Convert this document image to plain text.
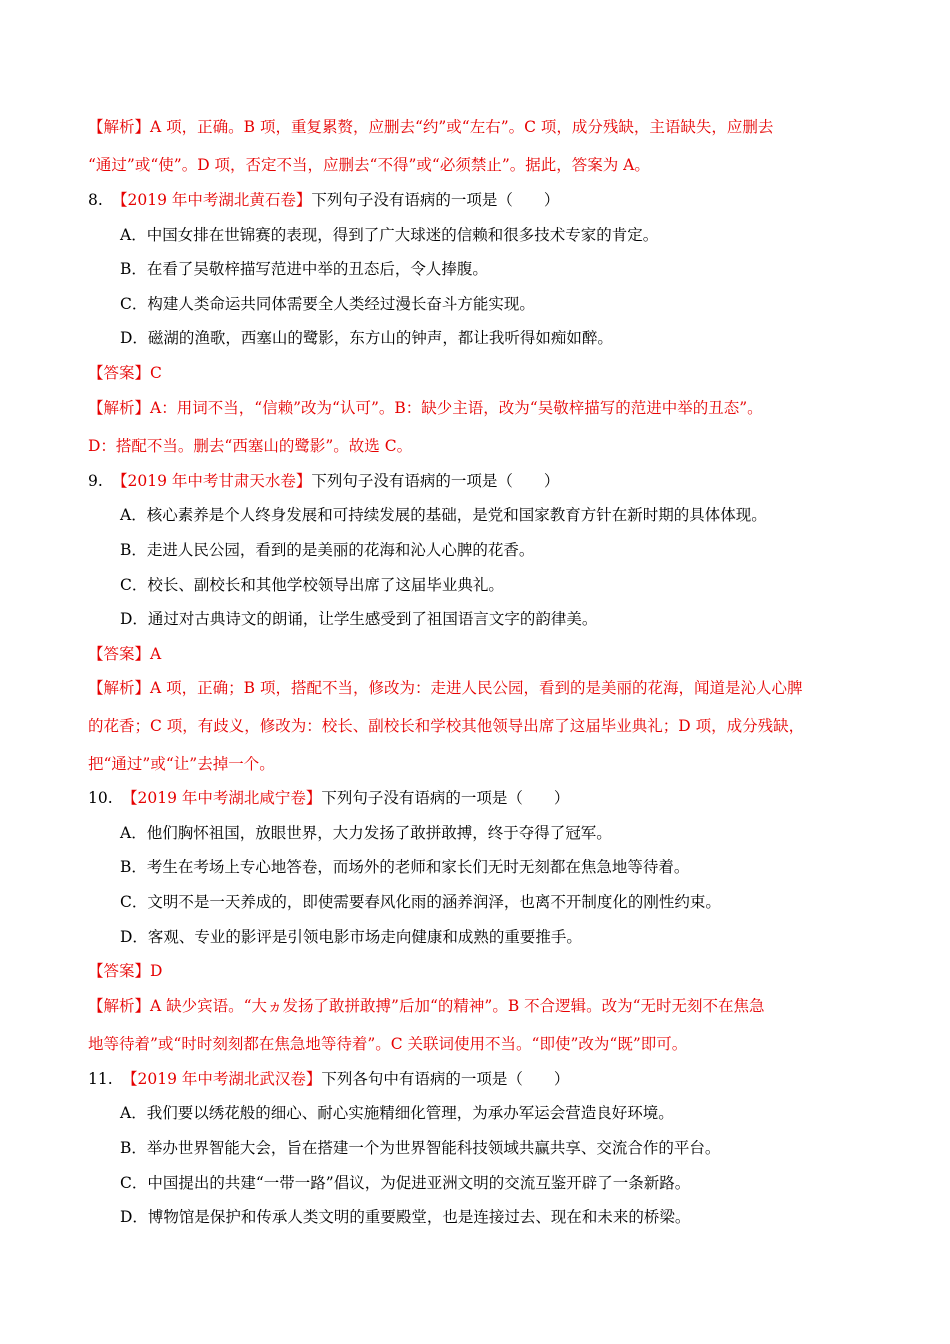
【解析】A 项，正确。B 项，重复累赘，应删去“约”或“左右”。C 项，成分残缺，主语缺失，应删去
“通过”或“使”。D 项，否定不当，应删去“不得”或“必须禁止”。据此，答案为 A。
8. 【2019 年中考湖北黄石卷】下列句子没有语病的一项是（　　）
A．中国女排在世锦赛的表现，得到了广大球迷的信赖和很多技术专家的肯定。
B．在看了吴敬梓描写范进中举的丑态后，令人捧腹。
C．构建人类命运共同体需要全人类经过漫长奋斗方能实现。
D．磁湖的渔歌，西塞山的鹭影，东方山的钟声，都让我听得如痴如醉。
【答案】C
【解析】A：用词不当，“信赖”改为“认可”。B：缺少主语，改为“吴敬梓描写的范进中举的丑态”。
D：搭配不当。删去“西塞山的鹭影”。故选 C。
9. 【2019 年中考甘肃天水卷】下列句子没有语病的一项是（　　）
A．核心素养是个人终身发展和可持续发展的基础，是党和国家教育方针在新时期的具体体现。
B．走进人民公园，看到的是美丽的花海和沁人心脾的花香。
C．校长、副校长和其他学校领导出席了这届毕业典礼。
D．通过对古典诗文的朗诵，让学生感受到了祖国语言文字的韵律美。
【答案】A
【解析】A 项，正确；B 项，搭配不当，修改为：走进人民公园，看到的是美丽的花海，闻道是沁人心脾
的花香；C 项，有歧义，修改为：校长、副校长和学校其他领导出席了这届毕业典礼；D 项，成分残缺，
把“通过”或“让”去掉一个。
10. 【2019 年中考湖北咸宁卷】下列句子没有语病的一项是（　　）
A．他们胸怀祖国，放眼世界，大力发扬了敢拼敢搏，终于夺得了冠军。
B．考生在考场上专心地答卷，而场外的老师和家长们无时无刻都在焦急地等待着。
C．文明不是一天养成的，即使需要春风化雨的涵养润泽，也离不开制度化的刚性约束。
D．客观、专业的影评是引领电影市场走向健康和成熟的重要推手。
【答案】D
【解析】A 缺少宾语。“大ヵ发扬了敢拼敢搏”后加“的精神”。B 不合逻辑。改为“无时无刻不在焦急
地等待着”或“时时刻刻都在焦急地等待着”。C 关联词使用不当。“即使”改为“既”即可。
11. 【2019 年中考湖北武汉卷】下列各句中有语病的一项是（　　）
A．我们要以绣花般的细心、耐心实施精细化管理，为承办军运会营造良好环境。
B．举办世界智能大会，旨在搭建一个为世界智能科技领域共赢共享、交流合作的平台。
C．中国提出的共建“一带一路”倡议，为促进亚洲文明的交流互鉴开辟了一条新路。
D．博物馆是保护和传承人类文明的重要殿堂，也是连接过去、现在和未来的桥梁。
